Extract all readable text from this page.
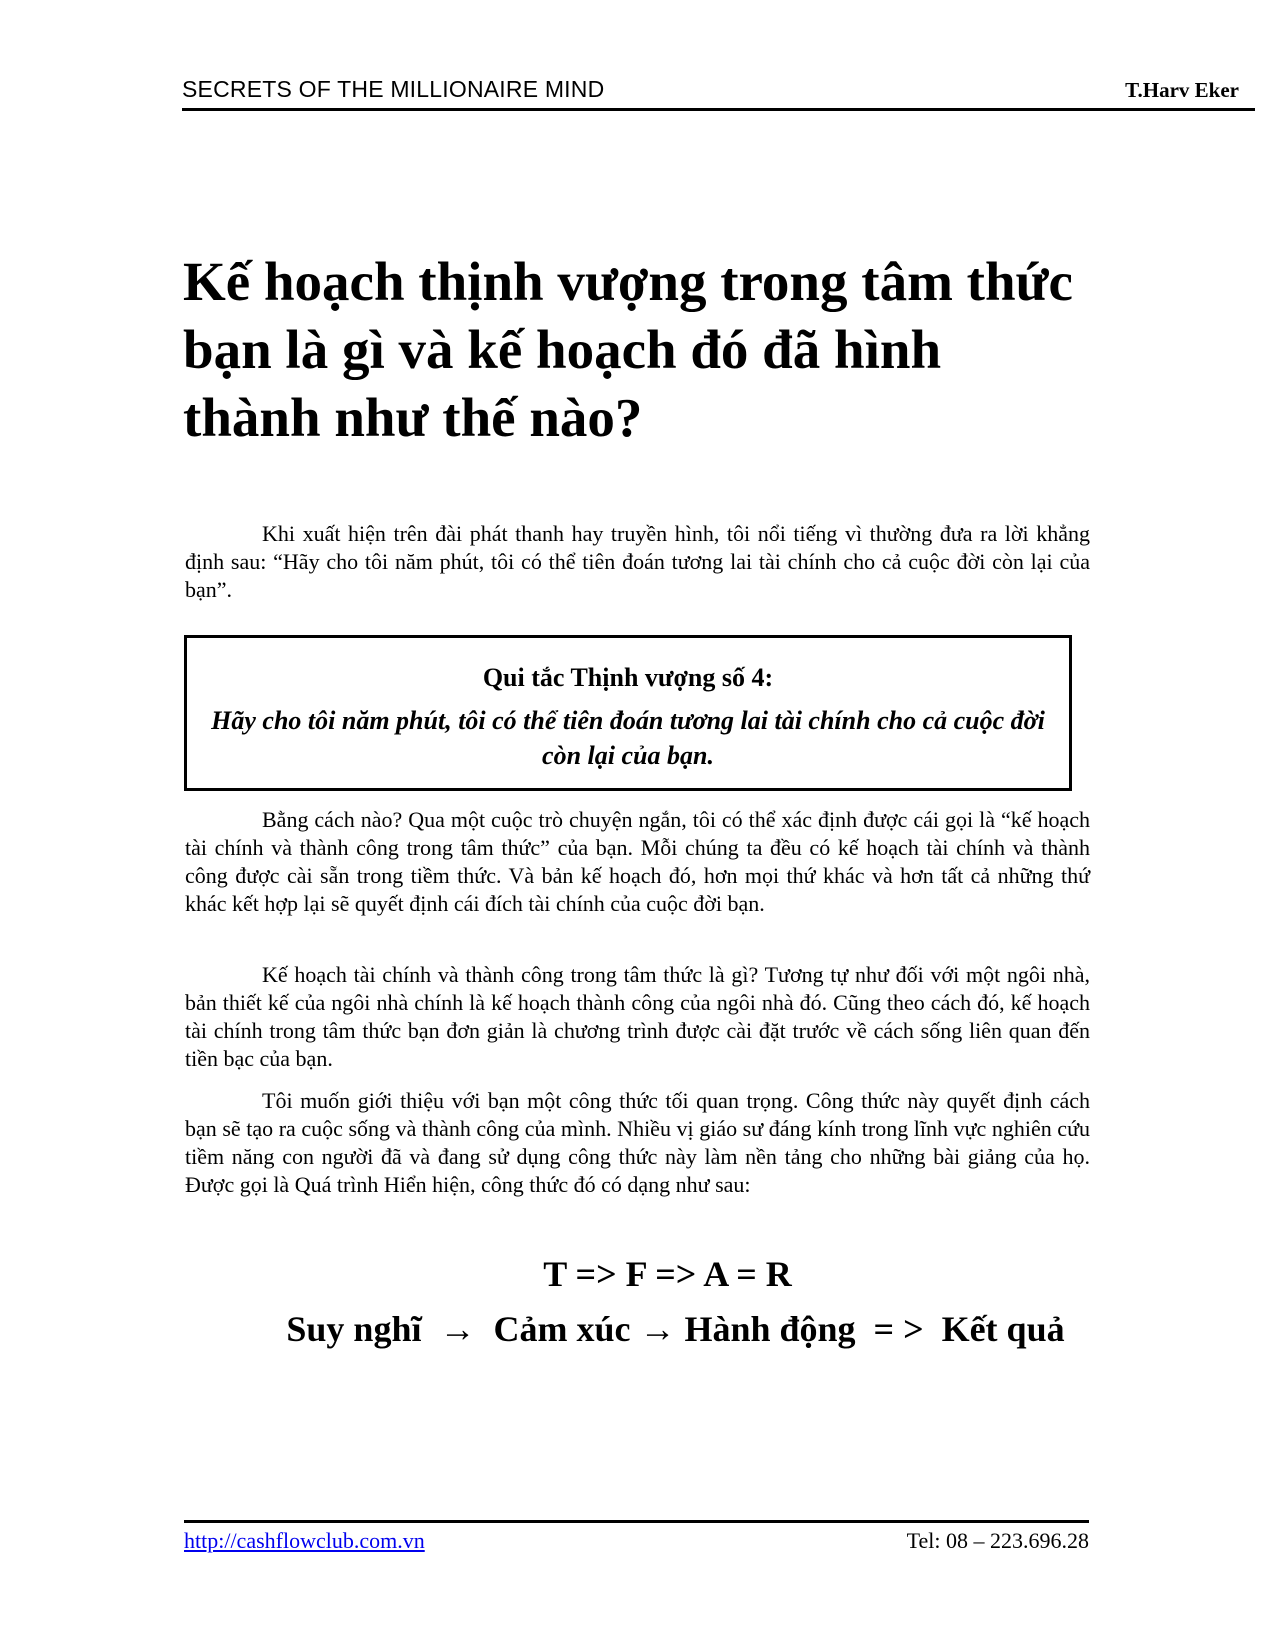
SECRETS OF THE MILLIONAIRE MIND	T.Harv Eker
Kế hoạch thịnh vượng trong tâm thức bạn là gì và kế hoạch đó đã hình thành như thế nào?

Khi xuất hiện trên đài phát thanh hay truyền hình, tôi nổi tiếng vì thường đưa ra lời khẳng định sau: “Hãy cho tôi năm phút, tôi có thể tiên đoán tương lai tài chính cho cả cuộc đời còn lại của bạn”.

Qui tắc Thịnh vượng số 4:
Hãy cho tôi năm phút, tôi có thể tiên đoán tương lai tài chính cho cả cuộc đời còn lại của bạn.

Bằng cách nào? Qua một cuộc trò chuyện ngắn, tôi có thể xác định được cái gọi là “kế hoạch tài chính và thành công trong tâm thức” của bạn. Mỗi chúng ta đều có kế hoạch tài chính và thành công được cài sẵn trong tiềm thức. Và bản kế hoạch đó, hơn mọi thứ khác và hơn tất cả những thứ khác kết hợp lại sẽ quyết định cái đích tài chính của cuộc đời bạn.

Kế hoạch tài chính và thành công trong tâm thức là gì? Tương tự như đối với một ngôi nhà, bản thiết kế của ngôi nhà chính là kế hoạch thành công của ngôi nhà đó. Cũng theo cách đó, kế hoạch tài chính trong tâm thức bạn đơn giản là chương trình được cài đặt trước về cách sống liên quan đến tiền bạc của bạn.

Tôi muốn giới thiệu với bạn một công thức tối quan trọng. Công thức này quyết định cách bạn sẽ tạo ra cuộc sống và thành công của mình. Nhiều vị giáo sư đáng kính trong lĩnh vực nghiên cứu tiềm năng con người đã và đang sử dụng công thức này làm nền tảng cho những bài giảng của họ. Được gọi là Quá trình Hiển hiện, công thức đó có dạng như sau:

T => F => A = R
Suy nghĩ  →  Cảm xúc → Hành động  = >  Kết quả
http://cashflowclub.com.vn	Tel: 08 – 223.696.28
